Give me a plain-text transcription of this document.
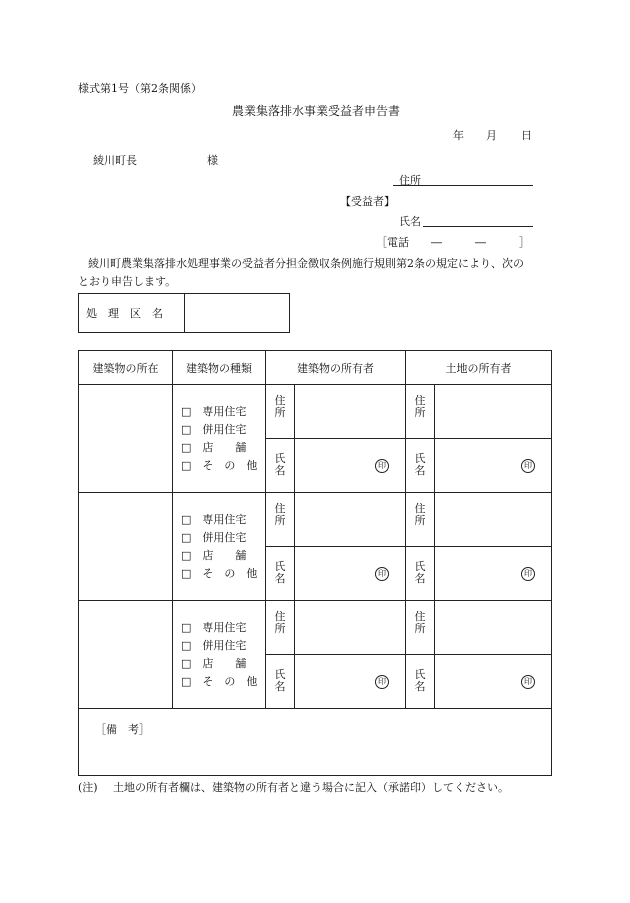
様式第1号（第2条関係）
農業集落排水事業受益者申告書
年 月 日
綾川町長	様
住所
【受益者】
氏名
［電話　　―　　　―　　　］
綾川町農業集落排水処理事業の受益者分担金徴収条例施行規則第2条の規定により、次の
とおり申告します。
処　理　区　名	
建築物の所在	建築物の種類	建築物の所有者		土地の所有者	

	□　専用住宅
□　併用住宅
□　店　　舗
□　そ　の　他	住所		住所	

		氏名	印	氏名	印

	□　専用住宅
□　併用住宅
□　店　　舗
□　そ　の　他	住所		住所	

		氏名	印	氏名	印

	□　専用住宅
□　併用住宅
□　店　　舗
□　そ　の　他	住所		住所	

		氏名	印	氏名	印

［備　考］					
(注) 土地の所有者欄は、建築物の所有者と違う場合に記入（承諾印）してください。
